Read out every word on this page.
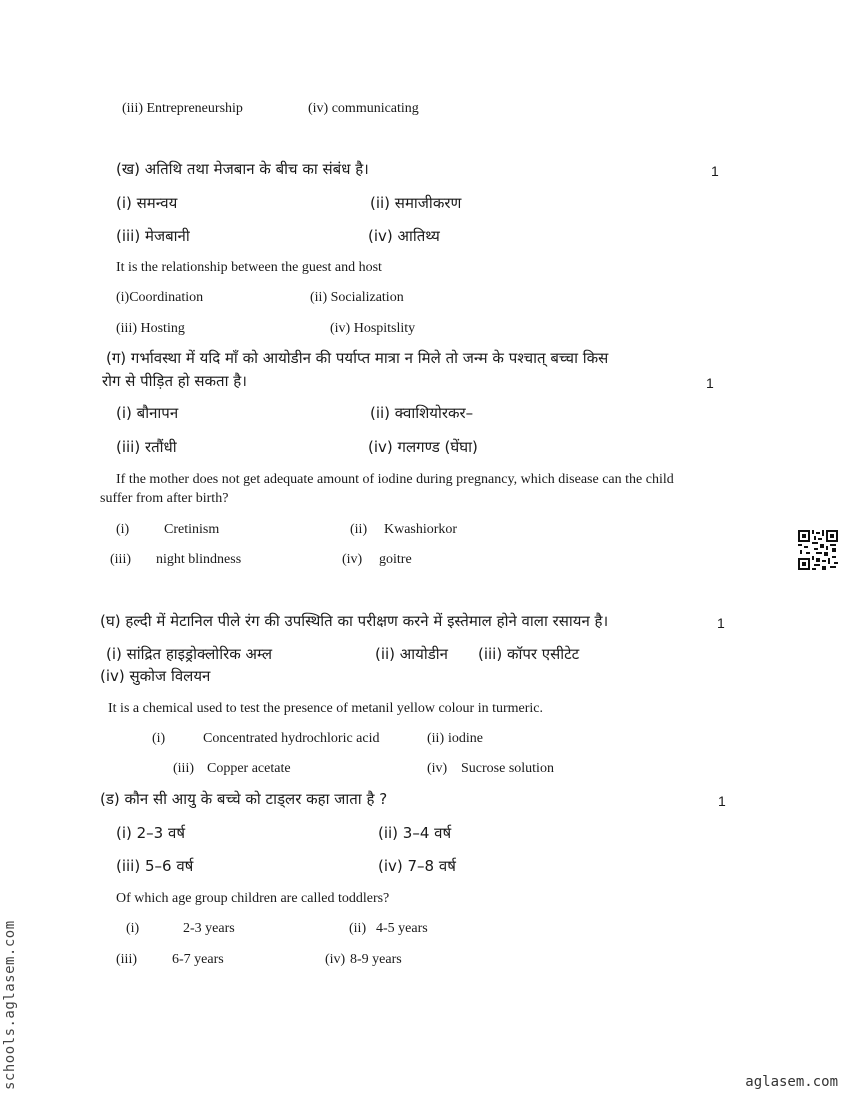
(iii) Entrepreneurship	(iv) communicating
(ख) अतिथि तथा मेजबान के बीच का संबंध है।	1
(i) समन्वय	(ii) समाजीकरण
(iii) मेजबानी	(iv) आतिथ्य
It is the relationship between the guest and host
(i)Coordination	(ii) Socialization
(iii) Hosting	(iv) Hospitslity
(ग) गर्भावस्था में यदि माँ को आयोडीन की पर्याप्त मात्रा न मिले तो जन्म के पश्चात् बच्चा किस
रोग से पीड़ित हो सकता है।	1
(i) बौनापन	(ii) क्वाशियोरकर–
(iii) रतौंधी	(iv) गलगण्ड (घेंघा)
If the mother does not get adequate amount of iodine during pregnancy, which disease can the child
suffer from after birth?
(i) Cretinism	(ii) Kwashiorkor
(iii) night blindness	(iv) goitre
(घ) हल्दी में मेटानिल पीले रंग की उपस्थिति का परीक्षण करने में इस्तेमाल होने वाला रसायन है।	1
(i) सांद्रित हाइड्रोक्लोरिक अम्ल	(ii) आयोडीन (iii) कॉपर एसीटेट
(iv) सुकोज विलयन
It is a chemical used to test the presence of metanil yellow colour in turmeric.
(i)	Concentrated hydrochloric acid	(ii) iodine
(iii) Copper acetate	(iv) Sucrose solution
(ड) कौन सी आयु के बच्चे को टाड्लर कहा जाता है ?	1
(i) 2–3 वर्ष	(ii) 3–4 वर्ष
(iii) 5–6 वर्ष	(iv) 7–8 वर्ष
Of which age group children are called toddlers?
(i)	2-3 years	(ii) 4-5 years
(iii)	6-7 years	(iv) 8-9 years
schools.aglasem.com	aglasem.com
